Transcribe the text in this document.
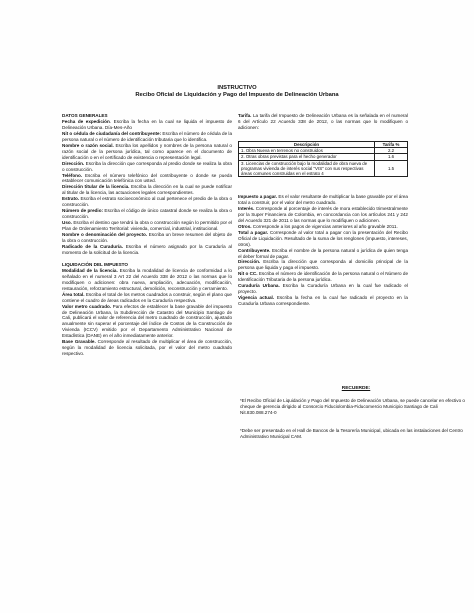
INSTRUCTIVO
Recibo Oficial de Liquidación y Pago del Impuesto de Delineación Urbana

DATOS GENERALES

Fecha de expedición. Escriba la fecha en la cual se liquida el impuesto de Delineación Urbana. Día-Mes-Año

Nit o cédula de ciudadanía del contribuyente: Escriba el número de cédula de la persona natural o el número de identificación tributaria que lo identifica.

Nombre o razón social. Escriba los apellidos y nombres de la persona natural o razón social de la persona jurídica, tal como aparece en el documento de identificación o en el certificado de existencia o representación legal.

Dirección. Escriba la dirección que corresponda al predio donde se realiza la obra o construcción.

Teléfono. Escriba el número telefónico del contribuyente o donde se pueda establecer comunicación telefónica con usted.

Dirección titular de la licencia. Escriba la dirección en la cual se puede notificar al titular de la licencia, las actuaciones legales correspondientes.

Estrato. Escriba el estrato socioeconómico al cual pertenece el predio de la obra o construcción.

Número de predio: Escriba el código de único catastral donde se realiza la obra o construcción.

Uso. Escriba el destino que tendrá la obra o construcción según lo permitido por el Plan de Ordenamiento Territorial: vivienda, comercial, industrial, institucional.

Nombre o denominación del proyecto. Escriba un breve resumen del objeto de la obra o construcción.

Radicado de la Curaduría. Escriba el número asignado por la Curaduría al momento de la solicitud de la licencia.

LIQUIDACIÓN DEL IMPUESTO

Modalidad de la licencia. Escriba la modalidad de licencia de conformidad a lo señalado en el numeral 3 Art 22 del Acuerdo 338 de 2012 o las normas que lo modifiquen o adicionen: obra nueva, ampliación, adecuación, modificación, restauración, reforzamiento estructural, demolición, reconstrucción y cerramiento.

Área total. Escriba el total de los metros cuadrados a construir, según el plano que contiene el cuadro de áreas radicados en la Curaduría respectiva.

Valor metro cuadrado. Para efectos de establecer la base gravable del impuesto de Delineación Urbana, la Subdirección de Catastro del Municipio Santiago de Cali, publicará el valor de referencia del metro cuadrado de construcción, ajustado anualmente sin superar el porcentaje del índice de Costos de la Construcción de Vivienda (ICCV) emitido por el Departamento Administrativo Nacional de Estadística (DANE) en el año inmediatamente anterior.

Base Gravable. Corresponde al resultado de multiplicar el área de construcción, según la modalidad de licencia solicitada, por el valor del metro cuadrado respectivo.

Tarifa. La tarifa del Impuesto de Delineación Urbana es la señalada en el numeral 6 del Artículo 22 Acuerdo 338 de 2012, o las normas que lo modifiquen o adicionen:

Descripción	Tarifa %
1. Obra Nueva en terrenos no construidos	2.2
2. Otras obras previstas para el hecho generador	1.6
3. Licencias de construcción bajo la modalidad de obra nueva de programas vivienda de interés social "VIS" con sus respectivas áreas comunes construidas en el estrato 4	1.5

Impuesto a pagar. Es el valor resultante de multiplicar la base gravable por el área total a construir, por el valor del metro cuadrado.

Interés. Corresponde al porcentaje de interés de mora establecido trimestralmente por la Super Financiera de Colombia, en concordancia con los artículos 241 y 242 del Acuerdo 321 de 2011 o las normas que lo modifiquen o adicionen.

Otros. Corresponde a los pagos de vigencias anteriores al año gravable 2011.

Total a pagar. Corresponde al valor total a pagar con la presentación del Recibo Oficial de Liquidación. Resultado de la suma de los renglones (impuesto, intereses, otros).

Contribuyente. Escriba el nombre de la persona natural o jurídica de quien tenga el deber formal de pagar.

Dirección. Escriba la dirección que corresponda al domicilio principal de la persona que liquida y paga el impuesto.

Nit o CC. Escriba el número de identificación de la persona natural o el Número de Identificación Tributaria de la persona jurídica.

Curaduría Urbana. Escriba la Curaduría Urbana en la cual fue radicado el proyecto.

Vigencia actual. Escriba la fecha en la cual fue radicado el proyecto en la Curaduría Urbana correspondiente.

RECUERDE:
*El Recibo Oficial de Liquidación y Pago del Impuesto de Delineación Urbana, se puede cancelar en efectivo o cheque de gerencia dirigido al Consorcio Fiduciolombia-Fiducomercio Municipio Santiago de Cali Nit.830.088.274-0
*Debe ser presentado en el Hall de Bancos de la Tesorería Municipal, ubicada en las instalaciones del Centro Administrativo Municipal CAM.
